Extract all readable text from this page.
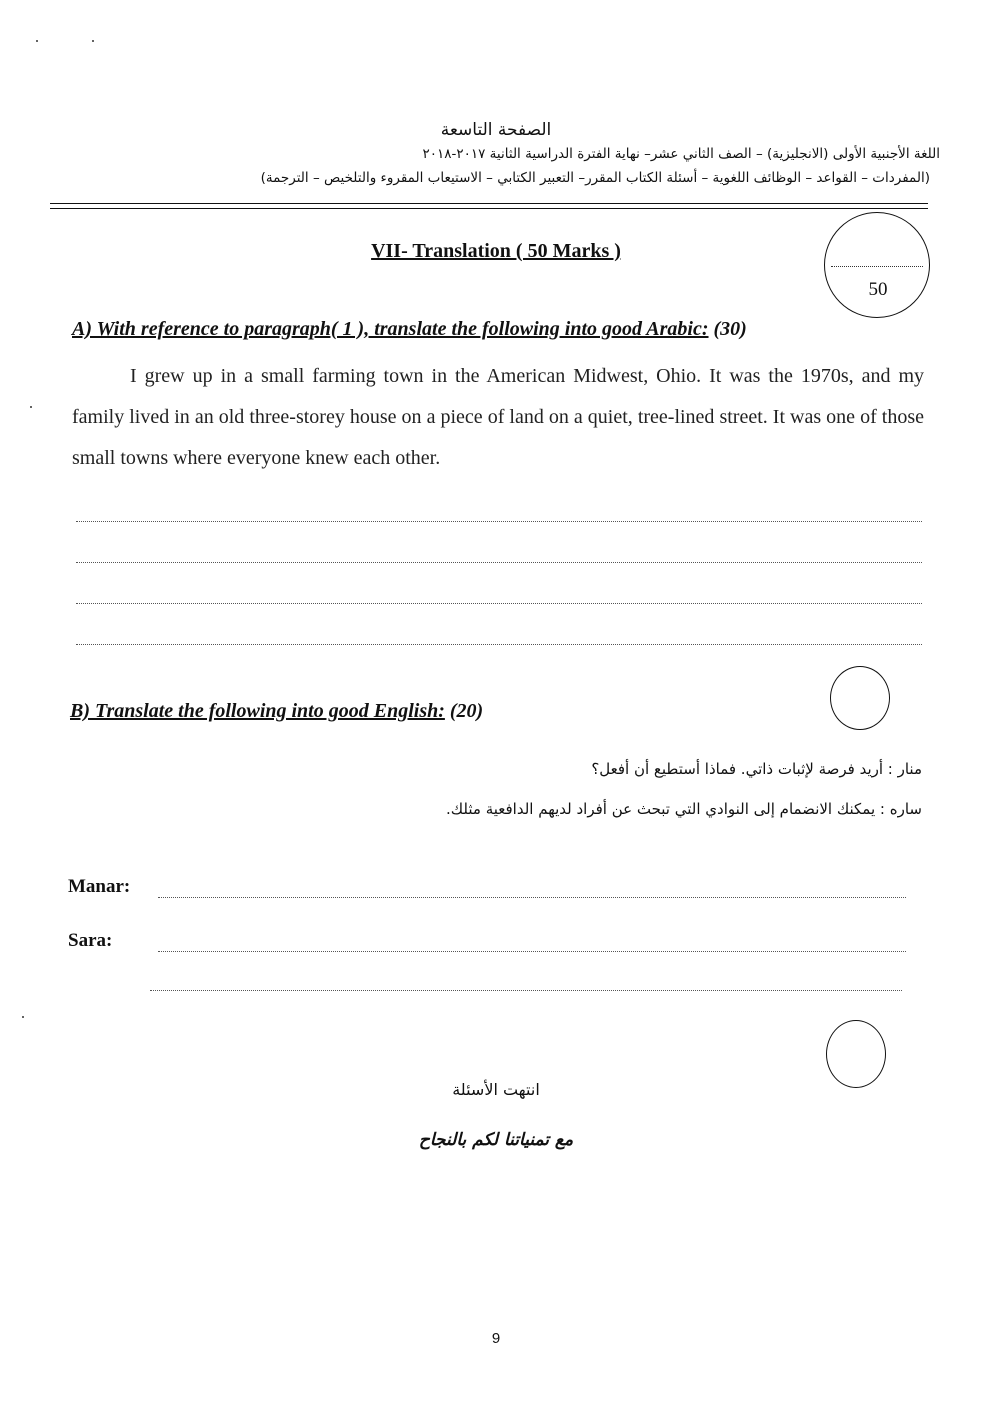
الصفحة التاسعة
اللغة الأجنبية الأولى (الانجليزية) – الصف الثاني عشر– نهاية الفترة الدراسية الثانية ٢٠١٧-٢٠١٨
(المفردات – القواعد – الوظائف اللغوية – أسئلة الكتاب المقرر– التعبير الكتابي – الاستيعاب المقروء والتلخيص – الترجمة)
VII- Translation ( 50 Marks )
50
A) With reference to paragraph( 1 ), translate the following into good Arabic: (30)
I grew up in a small farming town in the American Midwest, Ohio. It was the 1970s, and my family lived in an old three-storey house on a piece of land on a quiet, tree-lined street. It was one of those small towns where everyone knew each other.
B) Translate the following into good English: (20)
منار : أريد فرصة لإثبات ذاتي. فماذا أستطيع أن أفعل؟
ساره : يمكنك الانضمام إلى النوادي التي تبحث عن أفراد لديهم الدافعية مثلك.
Manar:
Sara:
انتهت الأسئلة
مع تمنياتنا لكم بالنجاح
9
